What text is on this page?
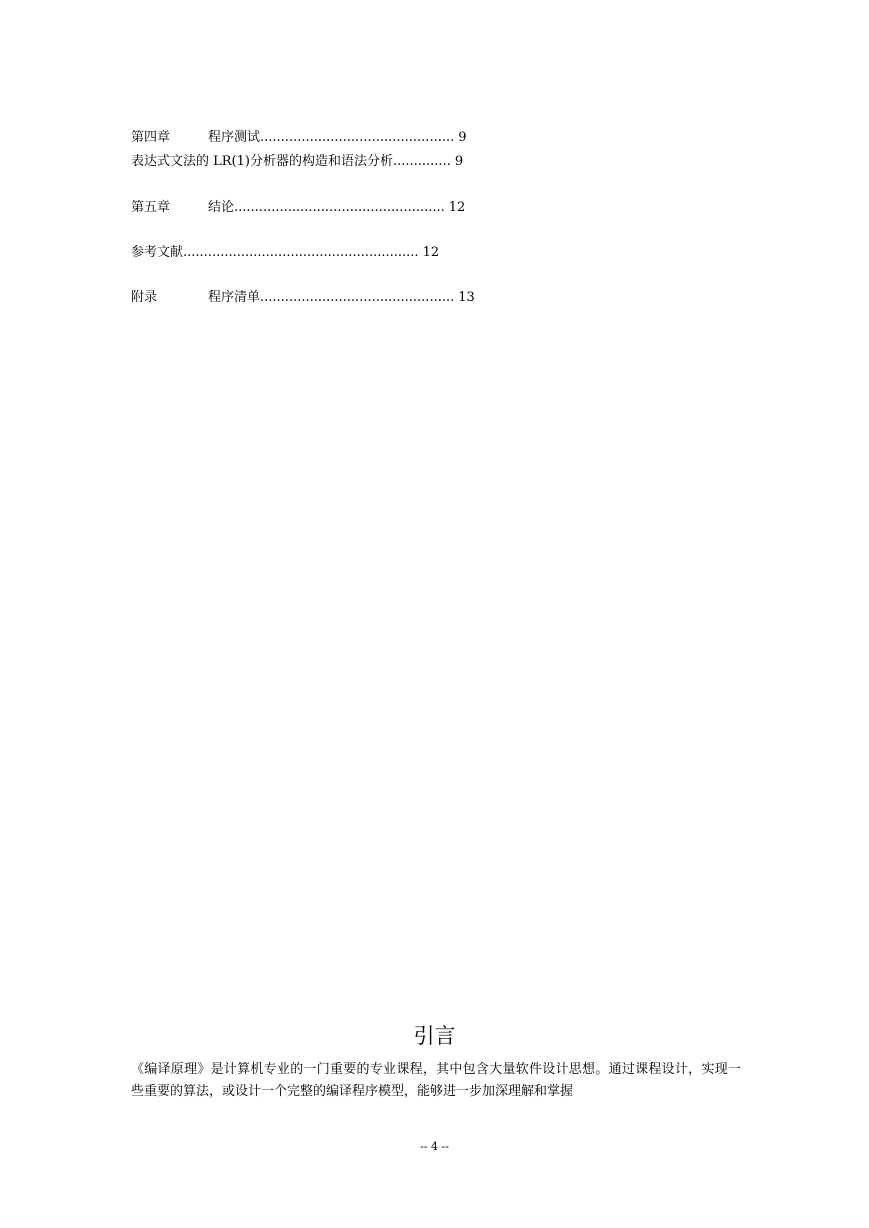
第四章	程序测试............................................... 9
表达式文法的 LR(1)分析器的构造和语法分析.............. 9
第五章	结论................................................... 12
参考文献......................................................... 12
附录	程序清单............................................... 13
引言
《编译原理》是计算机专业的一门重要的专业课程，其中包含大量软件设计思想。通过课程设计，实现一些重要的算法，或设计一个完整的编译程序模型，能够进一步加深理解和掌握
-- 4 --
